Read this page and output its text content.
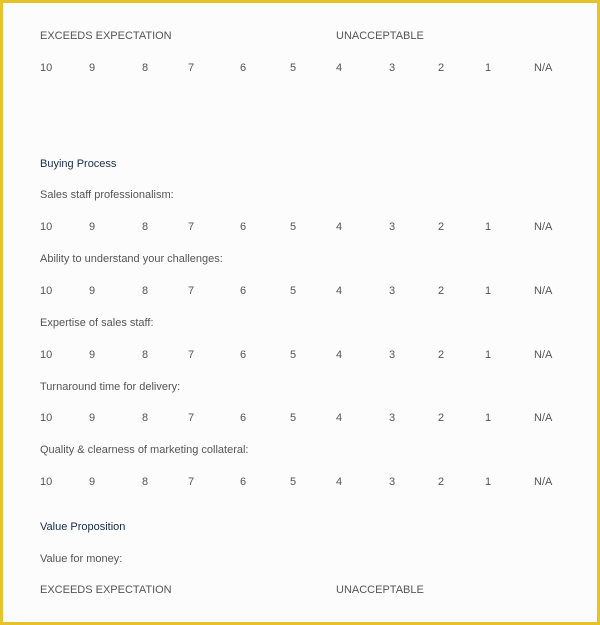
EXCEEDS EXPECTATION	UNACCEPTABLE
10	9	8	7	6	5	4	3	2	1	N/A
Buying Process
Sales staff professionalism:
10	9	8	7	6	5	4	3	2	1	N/A
Ability to understand your challenges:
10	9	8	7	6	5	4	3	2	1	N/A
Expertise of sales staff:
10	9	8	7	6	5	4	3	2	1	N/A
Turnaround time for delivery:
10	9	8	7	6	5	4	3	2	1	N/A
Quality & clearness of marketing collateral:
10	9	8	7	6	5	4	3	2	1	N/A
Value Proposition
Value for money:
EXCEEDS EXPECTATION	UNACCEPTABLE
